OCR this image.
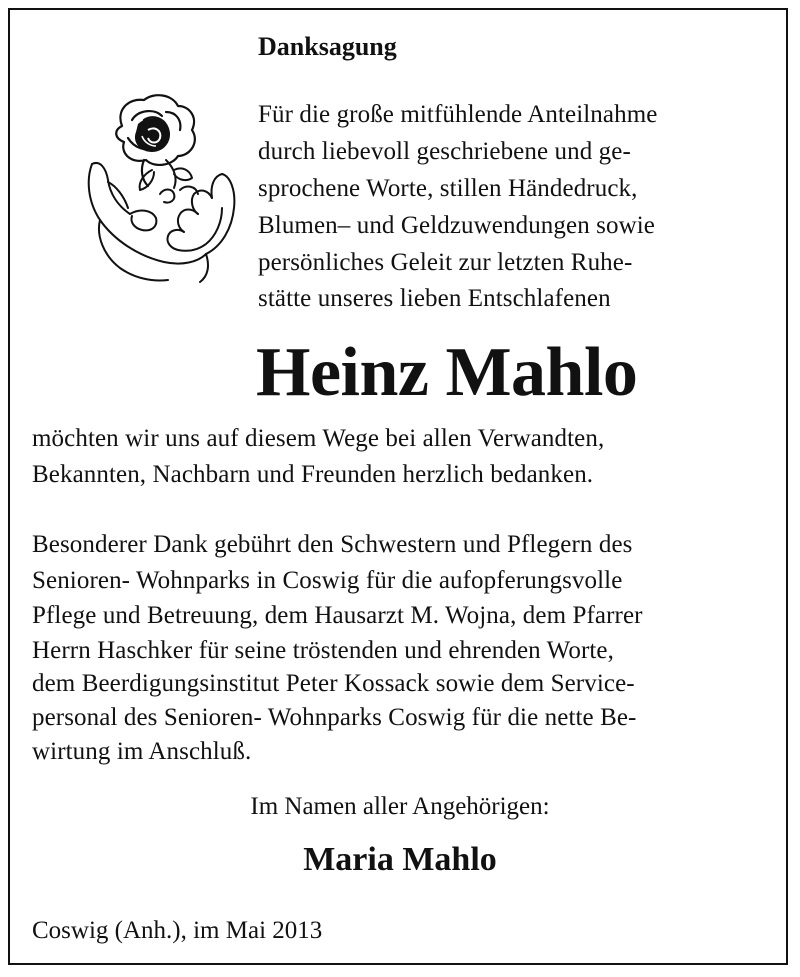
Danksagung
Für die große mitfühlende Anteilnahme
durch liebevoll geschriebene und ge-
sprochene Worte, stillen Händedruck,
Blumen– und Geldzuwendungen sowie
persönliches Geleit zur letzten Ruhe-
stätte unseres lieben Entschlafenen
Heinz Mahlo
möchten wir uns auf diesem Wege bei allen Verwandten,
Bekannten, Nachbarn und Freunden herzlich bedanken.
Besonderer Dank gebührt den Schwestern und Pflegern des
Senioren- Wohnparks in Coswig für die aufopferungsvolle
Pflege und Betreuung, dem Hausarzt M. Wojna, dem Pfarrer
Herrn Haschker für seine tröstenden und ehrenden Worte,
dem Beerdigungsinstitut Peter Kossack sowie dem Service-
personal des Senioren- Wohnparks Coswig für die nette Be-
wirtung im Anschluß.
Im Namen aller Angehörigen:
Maria Mahlo
Coswig (Anh.), im Mai 2013
